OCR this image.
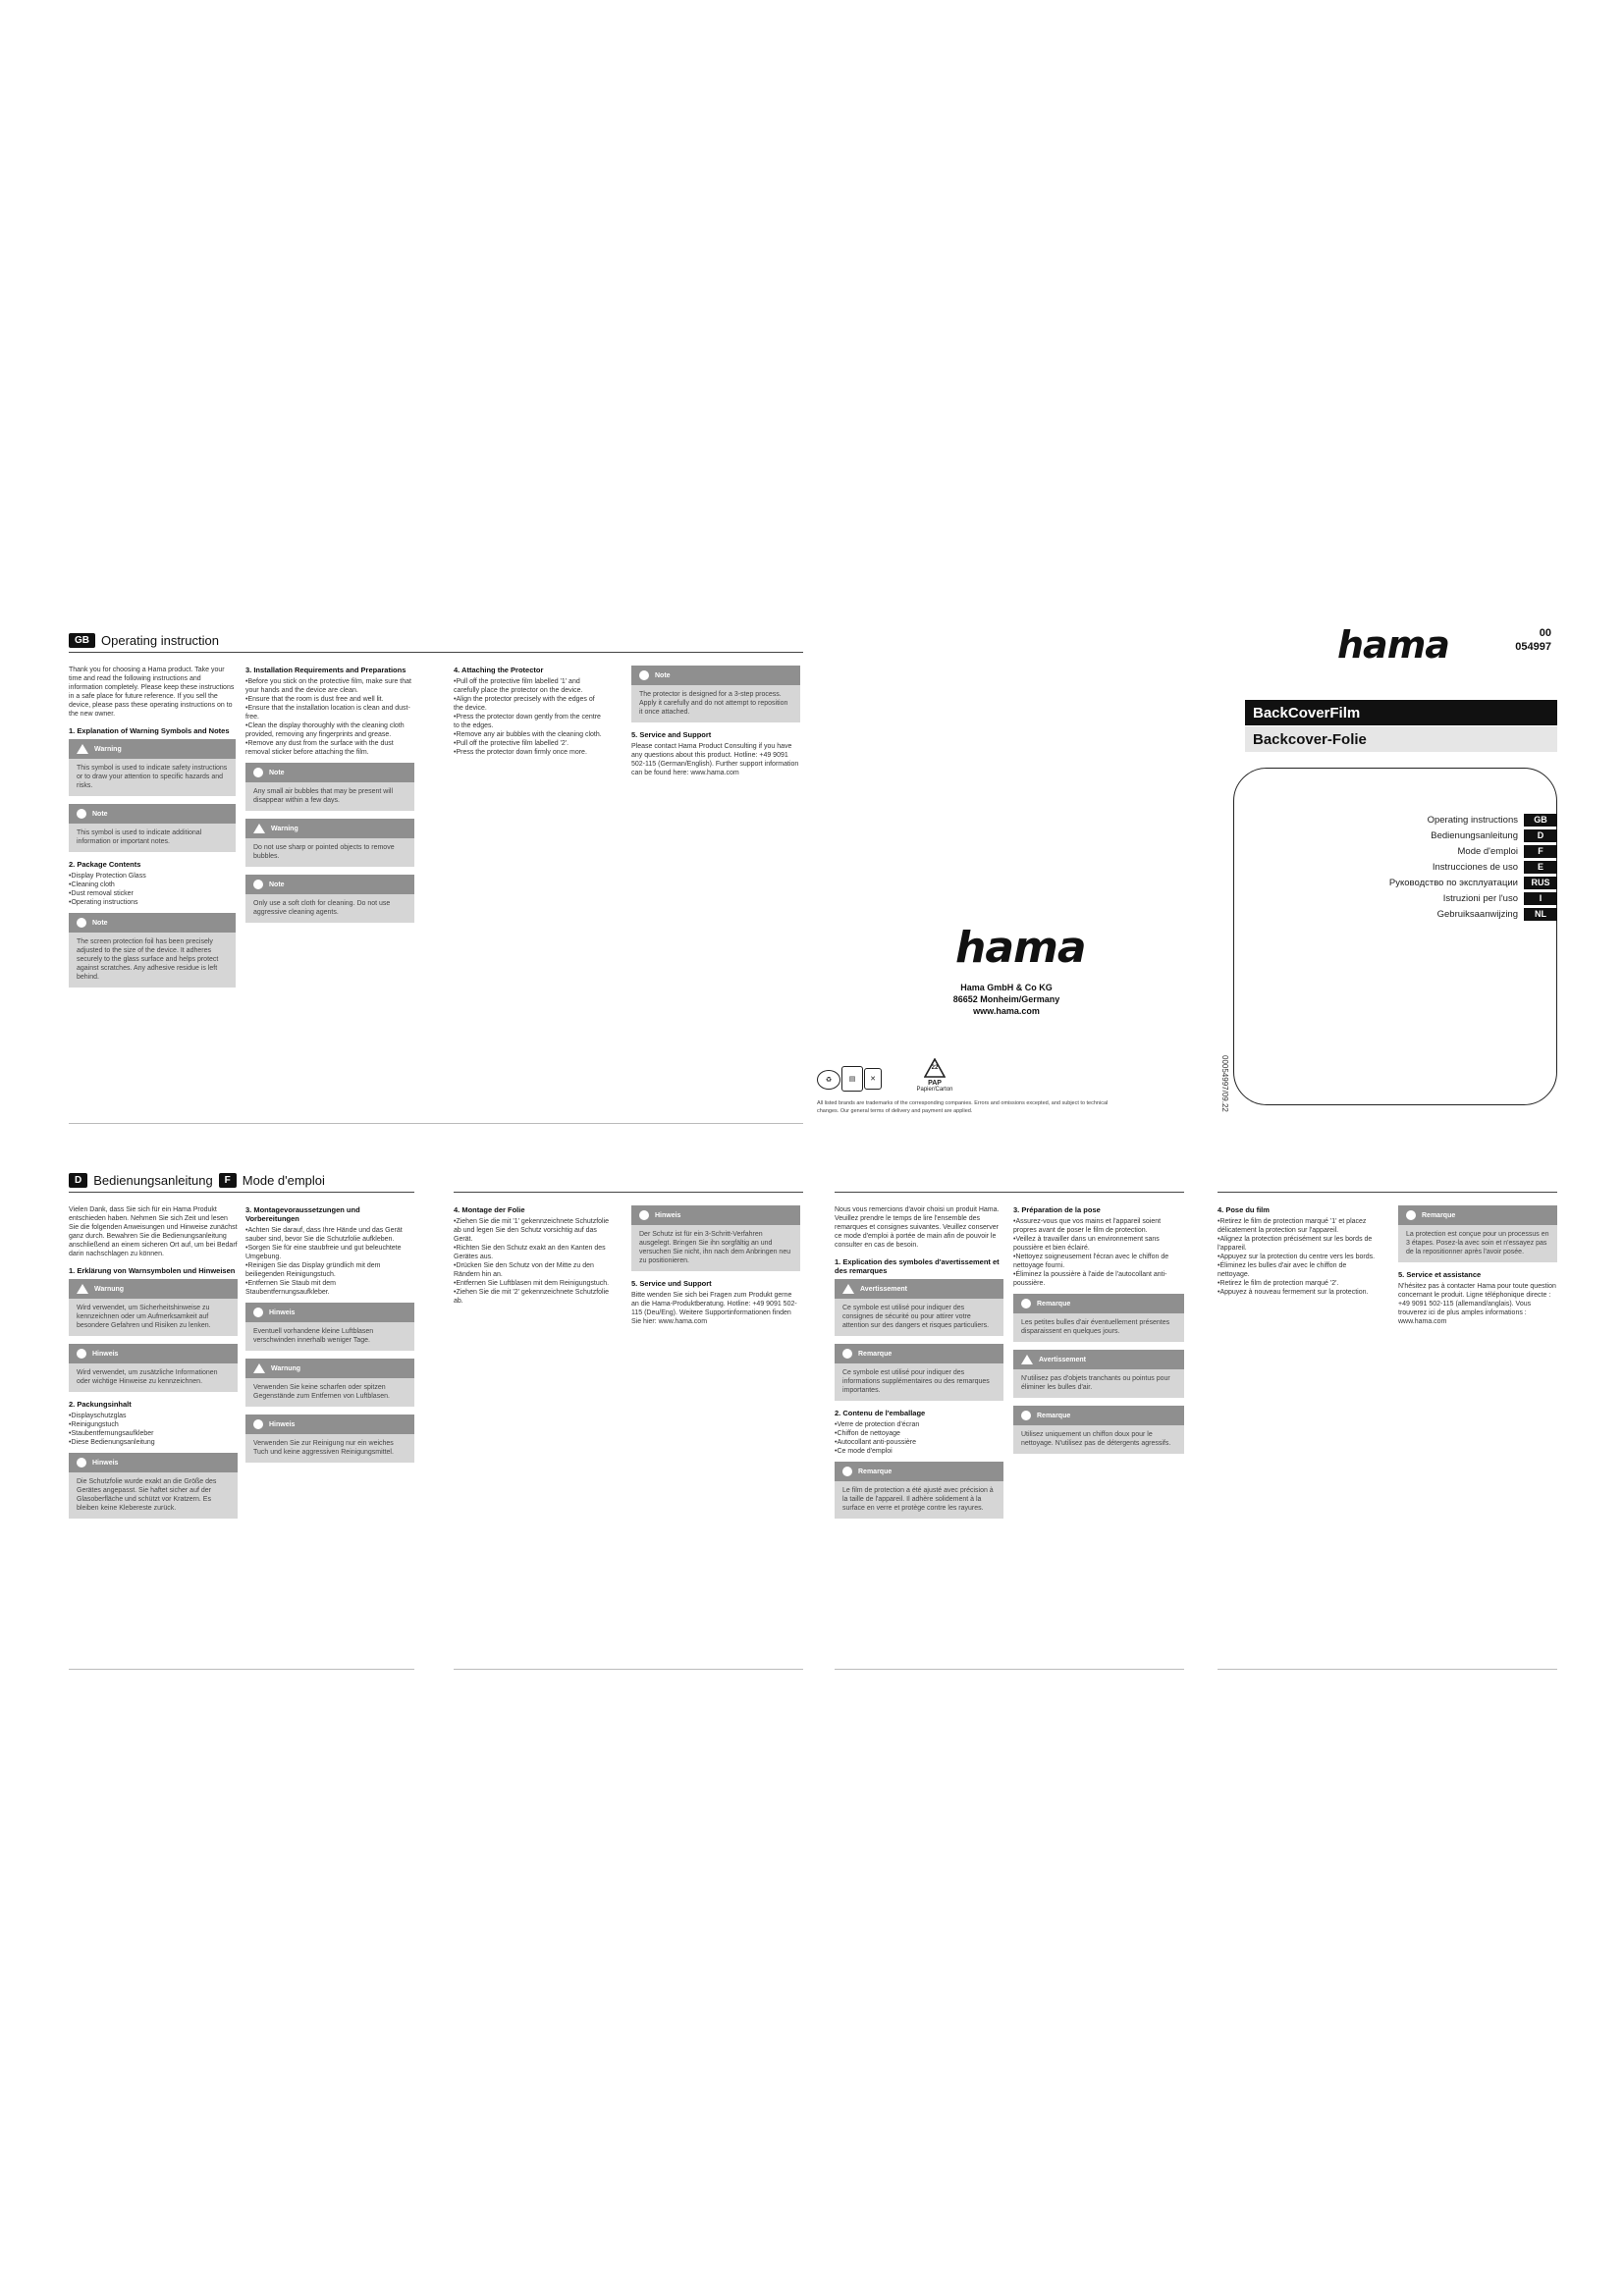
GB Operating instruction

Thank you for choosing a Hama product. Take your time and read the following instructions and information completely. Please keep these instructions in a safe place for future reference. If you sell the device, please pass these operating instructions on to the new owner.

1. Explanation of Warning Symbols and Notes
Warning
This symbol is used to indicate safety instructions or to draw your attention to specific hazards and risks.
Note
This symbol is used to indicate additional information or important notes.
2. Package Contents
• Display Protection Glass
• Cleaning cloth
• Dust removal sticker
• Operating instructions
Note
The screen protection foil has been precisely adjusted to the size of the device. It adheres securely to the glass surface and helps protect against scratches. Any adhesive residue is left behind.
3. Installation Requirements and Preparations
• Before you stick on the protective film, make sure that your hands and the device are clean.
• Ensure that the room is dust free and well lit.
• Ensure that the installation location is clean and dust-free.
• Clean the display thoroughly with the cleaning cloth provided, removing any fingerprints and grease.
• Remove any dust from the surface with the dust removal sticker before attaching the film.
Note
Any small air bubbles that may be present will disappear within a few days.
Warning
Do not use sharp or pointed objects to remove bubbles.
Note
Only use a soft cloth for cleaning. Do not use aggressive cleaning agents.
4. Attaching the Protector
• Pull off the protective film labelled '1' and carefully place the protector on the device.
• Align the protector precisely with the edges of the device.
• Press the protector down gently from the centre to the edges.
• Remove any air bubbles with the cleaning cloth.
• Pull off the protective film labelled '2'.
• Press the protector down firmly once more.
Note
The protector is designed for a 3-step process. Apply it carefully and do not attempt to reposition it once attached.
5. Service and Support

Please contact Hama Product Consulting if you have any questions about this product. Hotline: +49 9091 502-115 (German/English). Further support information can be found here: www.hama.com

hama
Hama GmbH & Co KG
86652 Monheim/Germany
www.hama.com
♻	▤	✕
22
PAP
Papier/Carton
All listed brands are trademarks of the corresponding companies. Errors and omissions excepted, and subject to technical changes. Our general terms of delivery and payment are applied.	00054997/09.22
00
054997
hama
BackCoverFilm
Backcover-Folie
Operating instructions	GB
Bedienungsanleitung	D
Mode d'emploi	F
Instrucciones de uso	E
Руководство по эксплуатации	RUS
Istruzioni per l'uso	I
Gebruiksaanwijzing	NL
D Bedienungsanleitung	F Mode d'emploi

Vielen Dank, dass Sie sich für ein Hama Produkt entschieden haben. Nehmen Sie sich Zeit und lesen Sie die folgenden Anweisungen und Hinweise zunächst ganz durch. Bewahren Sie die Bedienungsanleitung anschließend an einem sicheren Ort auf, um bei Bedarf darin nachschlagen zu können.

1. Erklärung von Warnsymbolen und Hinweisen
Warnung
Wird verwendet, um Sicherheitshinweise zu kennzeichnen oder um Aufmerksamkeit auf besondere Gefahren und Risiken zu lenken.
Hinweis
Wird verwendet, um zusätzliche Informationen oder wichtige Hinweise zu kennzeichnen.
2. Packungsinhalt
• Displayschutzglas
• Reinigungstuch
• Staubentfernungsaufkleber
• Diese Bedienungsanleitung
Hinweis
Die Schutzfolie wurde exakt an die Größe des Gerätes angepasst. Sie haftet sicher auf der Glasoberfläche und schützt vor Kratzern. Es bleiben keine Klebereste zurück.
3. Montagevoraussetzungen und Vorbereitungen
• Achten Sie darauf, dass Ihre Hände und das Gerät sauber sind, bevor Sie die Schutzfolie aufkleben.
• Sorgen Sie für eine staubfreie und gut beleuchtete Umgebung.
• Reinigen Sie das Display gründlich mit dem beiliegenden Reinigungstuch.
• Entfernen Sie Staub mit dem Staubentfernungsaufkleber.
Hinweis
Eventuell vorhandene kleine Luftblasen verschwinden innerhalb weniger Tage.
Warnung
Verwenden Sie keine scharfen oder spitzen Gegenstände zum Entfernen von Luftblasen.
Hinweis
Verwenden Sie zur Reinigung nur ein weiches Tuch und keine aggressiven Reinigungsmittel.
4. Montage der Folie
• Ziehen Sie die mit '1' gekennzeichnete Schutzfolie ab und legen Sie den Schutz vorsichtig auf das Gerät.
• Richten Sie den Schutz exakt an den Kanten des Gerätes aus.
• Drücken Sie den Schutz von der Mitte zu den Rändern hin an.
• Entfernen Sie Luftblasen mit dem Reinigungstuch.
• Ziehen Sie die mit '2' gekennzeichnete Schutzfolie ab.
Hinweis
Der Schutz ist für ein 3-Schritt-Verfahren ausgelegt. Bringen Sie ihn sorgfältig an und versuchen Sie nicht, ihn nach dem Anbringen neu zu positionieren.
5. Service und Support

Bitte wenden Sie sich bei Fragen zum Produkt gerne an die Hama-Produktberatung. Hotline: +49 9091 502-115 (Deu/Eng). Weitere Supportinformationen finden Sie hier: www.hama.com

Nous vous remercions d'avoir choisi un produit Hama. Veuillez prendre le temps de lire l'ensemble des remarques et consignes suivantes. Veuillez conserver ce mode d'emploi à portée de main afin de pouvoir le consulter en cas de besoin.

1. Explication des symboles d'avertissement et des remarques
Avertissement
Ce symbole est utilisé pour indiquer des consignes de sécurité ou pour attirer votre attention sur des dangers et risques particuliers.
Remarque
Ce symbole est utilisé pour indiquer des informations supplémentaires ou des remarques importantes.
2. Contenu de l'emballage
• Verre de protection d'écran
• Chiffon de nettoyage
• Autocollant anti-poussière
• Ce mode d'emploi
Remarque
Le film de protection a été ajusté avec précision à la taille de l'appareil. Il adhère solidement à la surface en verre et protège contre les rayures.
3. Préparation de la pose
• Assurez-vous que vos mains et l'appareil soient propres avant de poser le film de protection.
• Veillez à travailler dans un environnement sans poussière et bien éclairé.
• Nettoyez soigneusement l'écran avec le chiffon de nettoyage fourni.
• Éliminez la poussière à l'aide de l'autocollant anti-poussière.
Remarque
Les petites bulles d'air éventuellement présentes disparaissent en quelques jours.
Avertissement
N'utilisez pas d'objets tranchants ou pointus pour éliminer les bulles d'air.
Remarque
Utilisez uniquement un chiffon doux pour le nettoyage. N'utilisez pas de détergents agressifs.
4. Pose du film
• Retirez le film de protection marqué '1' et placez délicatement la protection sur l'appareil.
• Alignez la protection précisément sur les bords de l'appareil.
• Appuyez sur la protection du centre vers les bords.
• Éliminez les bulles d'air avec le chiffon de nettoyage.
• Retirez le film de protection marqué '2'.
• Appuyez à nouveau fermement sur la protection.
Remarque
La protection est conçue pour un processus en 3 étapes. Posez-la avec soin et n'essayez pas de la repositionner après l'avoir posée.
5. Service et assistance

N'hésitez pas à contacter Hama pour toute question concernant le produit. Ligne téléphonique directe : +49 9091 502-115 (allemand/anglais). Vous trouverez ici de plus amples informations : www.hama.com
